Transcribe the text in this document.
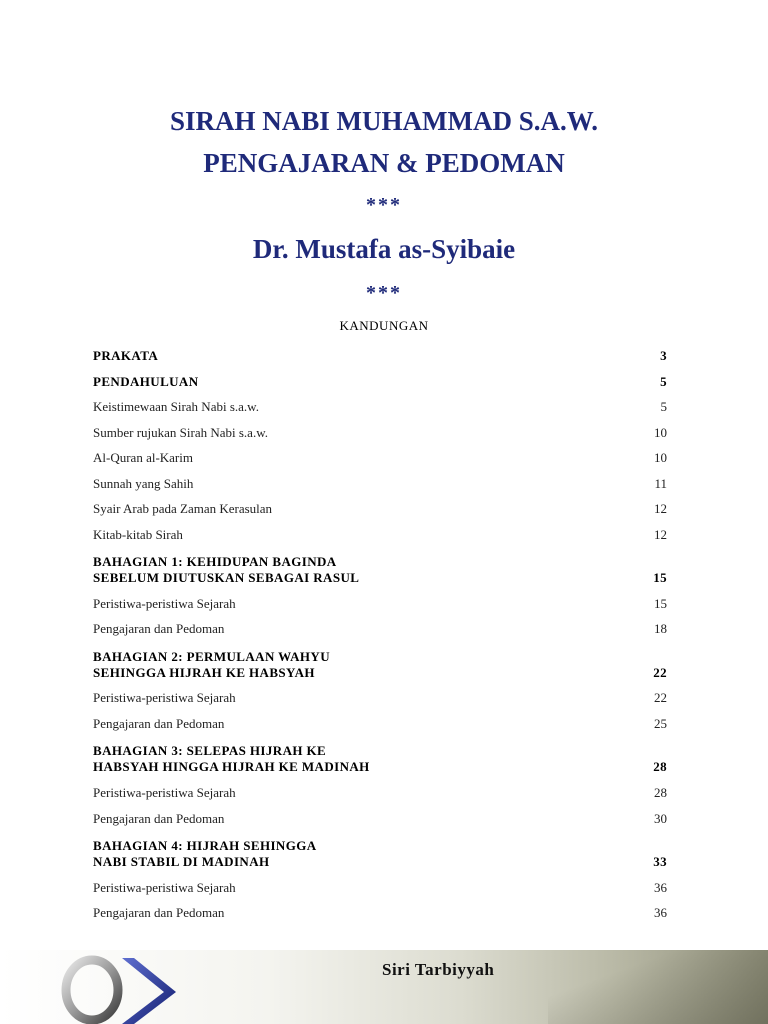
SIRAH NABI MUHAMMAD S.A.W.
PENGAJARAN & PEDOMAN
***
Dr. Mustafa as-Syibaie
***
KANDUNGAN
PRAKATA	3
PENDAHULUAN	5
Keistimewaan Sirah Nabi s.a.w.	5
Sumber rujukan Sirah Nabi s.a.w.	10
Al-Quran al-Karim	10
Sunnah yang Sahih	11
Syair Arab pada Zaman Kerasulan	12
Kitab-kitab Sirah	12
BAHAGIAN 1: KEHIDUPAN BAGINDA
SEBELUM DIUTUSKAN SEBAGAI RASUL	15
Peristiwa-peristiwa Sejarah	15
Pengajaran dan Pedoman	18
BAHAGIAN 2: PERMULAAN WAHYU
SEHINGGA HIJRAH KE HABSYAH	22
Peristiwa-peristiwa Sejarah	22
Pengajaran dan Pedoman	25
BAHAGIAN 3: SELEPAS HIJRAH KE
HABSYAH HINGGA HIJRAH KE MADINAH	28
Peristiwa-peristiwa Sejarah	28
Pengajaran dan Pedoman	30
BAHAGIAN 4: HIJRAH SEHINGGA
NABI STABIL DI MADINAH	33
Peristiwa-peristiwa Sejarah	36
Pengajaran dan Pedoman	36
Siri Tarbiyyah
